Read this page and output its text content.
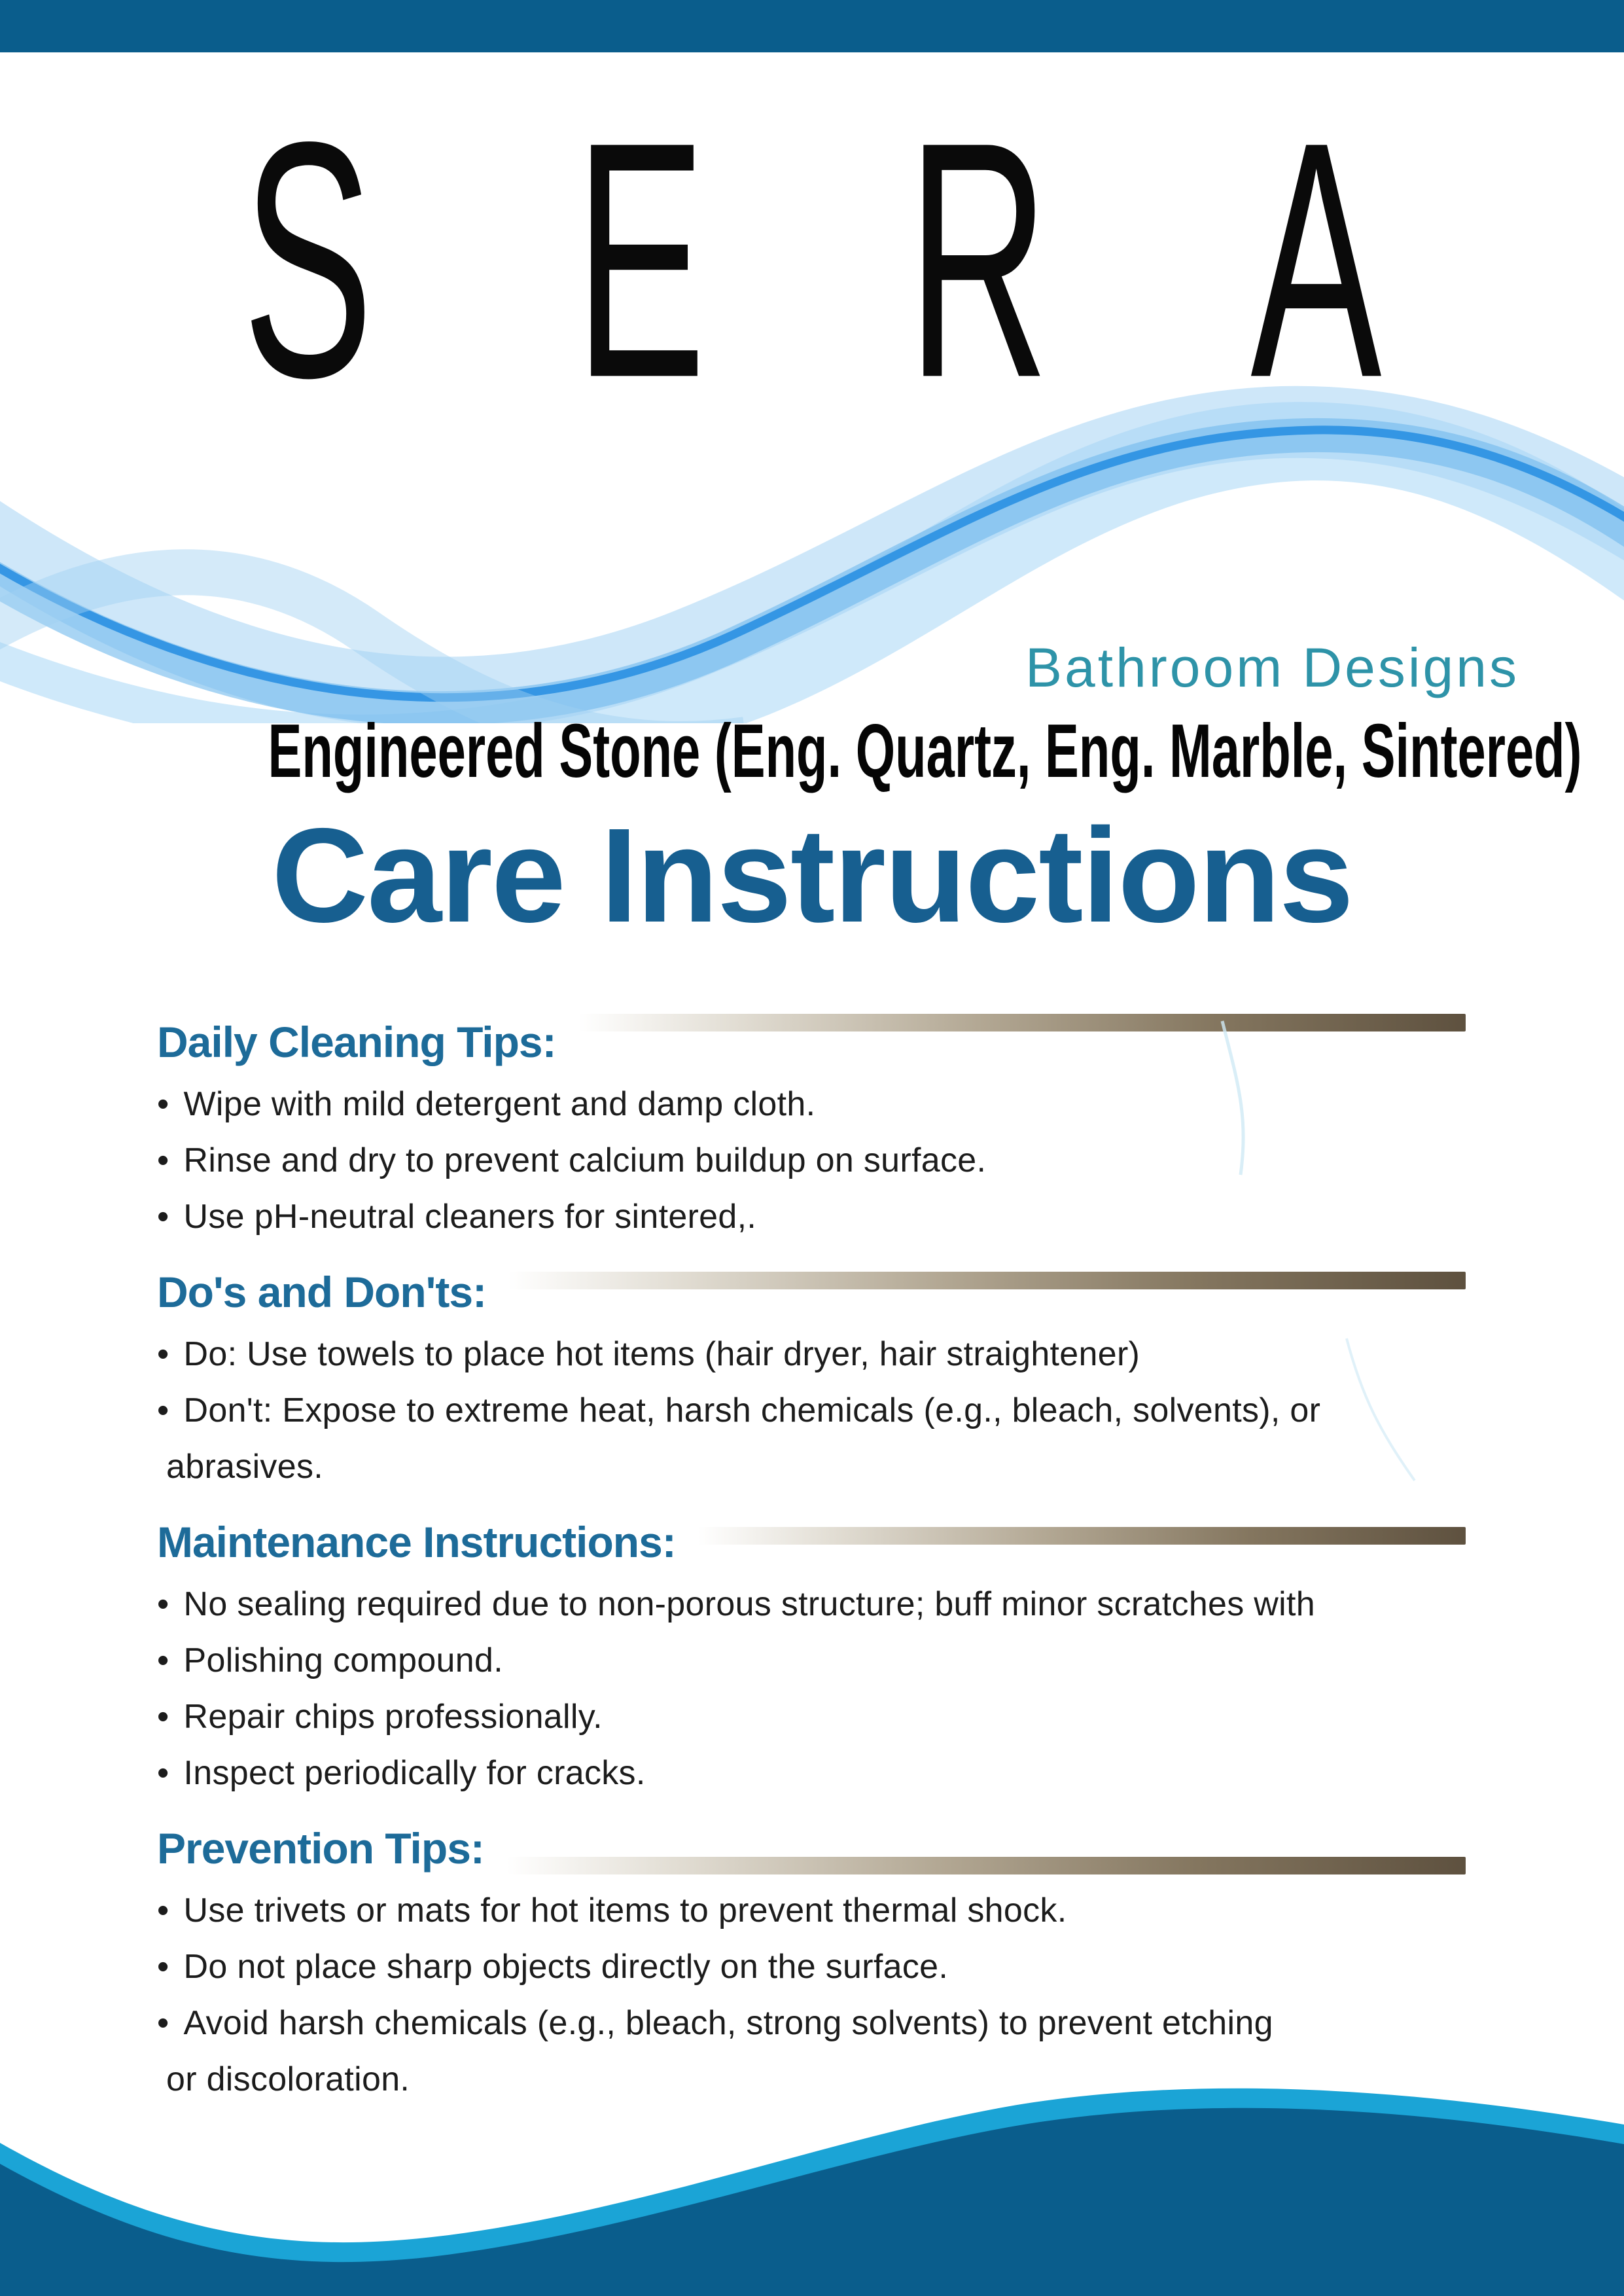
SERA
Bathroom Designs
Engineered Stone (Eng. Quartz, Eng. Marble, Sintered)
Care Instructions
Daily Cleaning Tips:
• Wipe with mild detergent and damp cloth.
• Rinse and dry to prevent calcium buildup on surface.
• Use pH-neutral cleaners for sintered,.
Do's and Don'ts:
• Do: Use towels to place hot items (hair dryer, hair straightener)
• Don't: Expose to extreme heat, harsh chemicals (e.g., bleach, solvents), or
abrasives.
Maintenance Instructions:
• No sealing required due to non-porous structure; buff minor scratches with
• Polishing compound.
• Repair chips professionally.
• Inspect periodically for cracks.
Prevention Tips:
• Use trivets or mats for hot items to prevent thermal shock.
• Do not place sharp objects directly on the surface.
• Avoid harsh chemicals (e.g., bleach, strong solvents) to prevent etching
or discoloration.
